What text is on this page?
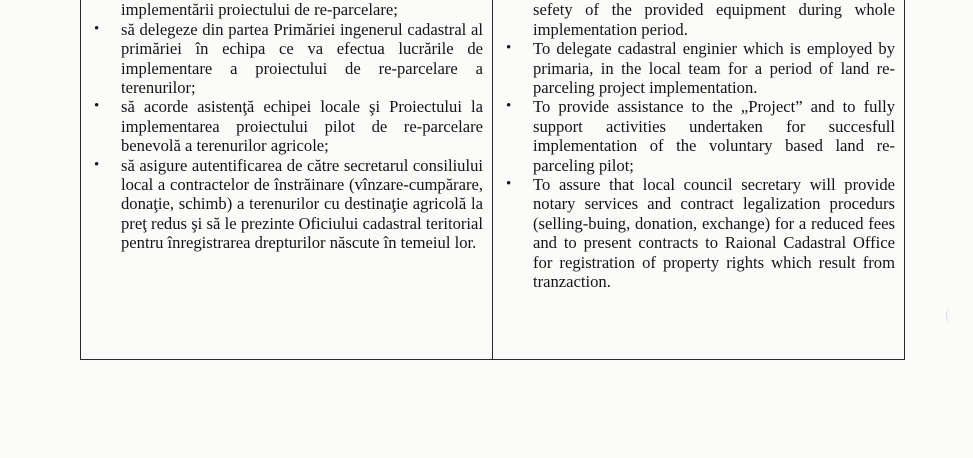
implementării proiectului de re-parcelare;
• să delegeze din partea Primăriei ingenerul cadastral al primăriei în echipa ce va efectua lucrările de implementare a proiectului de re-parcelare a terenurilor;
• să acorde asistenţă echipei locale şi Proiectului la implementarea proiectului pilot de re-parcelare benevolă a terenurilor agricole;
• să asigure autentificarea de către secretarul consiliului local a contractelor de înstrăinare (vînzare-cumpărare, donaţie, schimb) a terenurilor cu destinaţie agricolă la preţ redus şi să le prezinte Oficiului cadastral teritorial pentru înregistrarea drepturilor născute în temeiul lor.
sefety of the provided equipment during whole implementation period.
• To delegate cadastral enginier which is employed by primaria, in the local team for a period of land re-parceling project implementation.
• To provide assistance to the „Project” and to fully support activities undertaken for succesfull implementation of the voluntary based land re-parceling pilot;
• To assure that local council secretary will provide notary services and contract legalization procedurs (selling-buing, donation, exchange) for a reduced fees and to present contracts to Raional Cadastral Office for registration of property rights which result from tranzaction.
